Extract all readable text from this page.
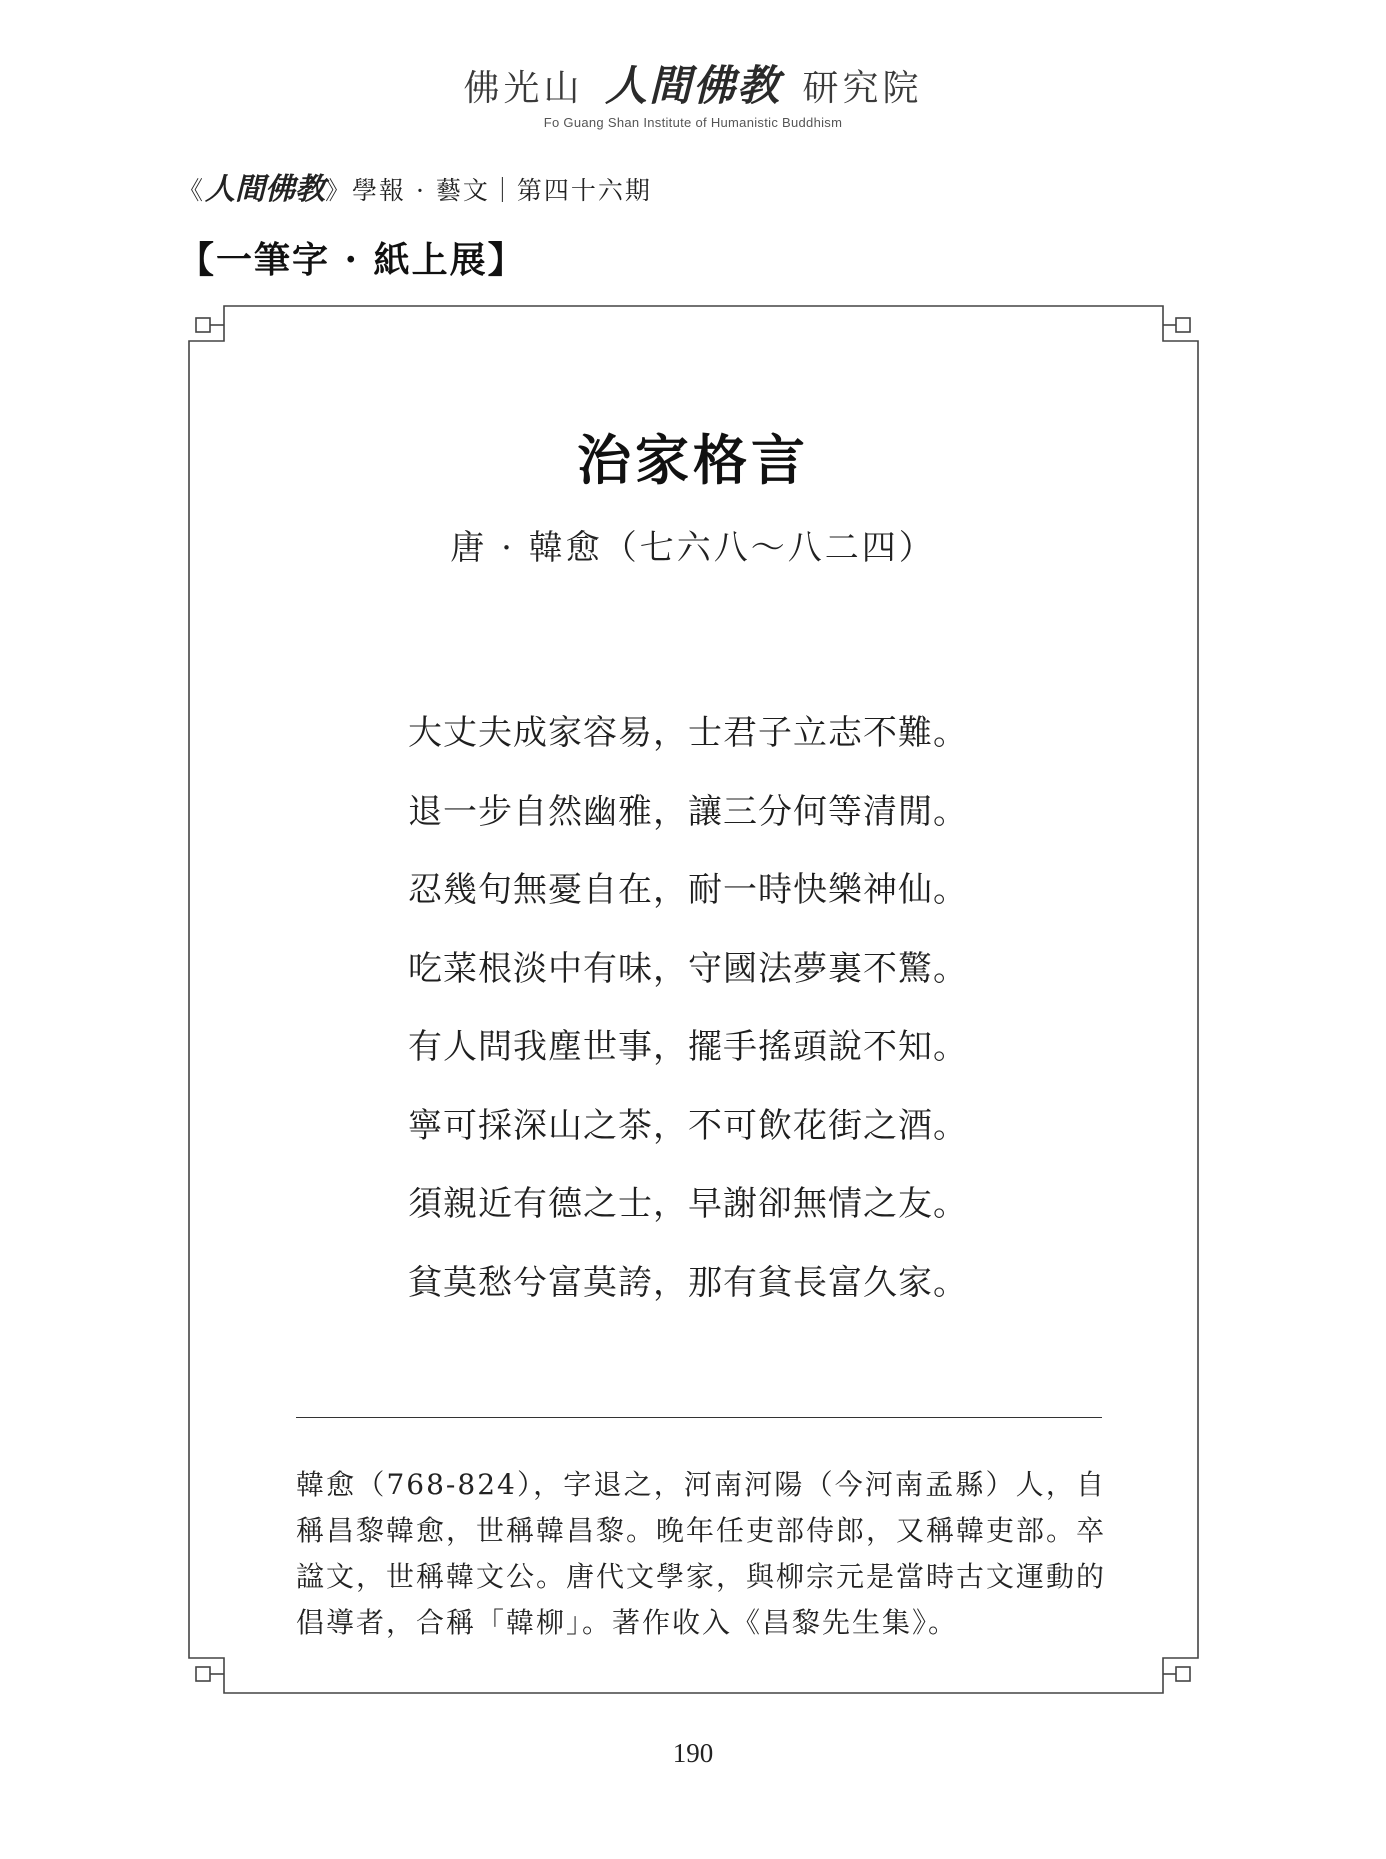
佛光山 人間佛教 研究院
Fo Guang Shan Institute of Humanistic Buddhism
《人間佛教》學報 · 藝文｜第四十六期
【一筆字 · 紙上展】
治家格言
唐 · 韓愈（七六八～八二四）
大丈夫成家容易，士君子立志不難。
退一步自然幽雅，讓三分何等清閒。
忍幾句無憂自在，耐一時快樂神仙。
吃菜根淡中有味，守國法夢裏不驚。
有人問我塵世事，擺手搖頭說不知。
寧可採深山之茶，不可飲花街之酒。
須親近有德之士，早謝卻無情之友。
貧莫愁兮富莫誇，那有貧長富久家。
韓愈（768-824），字退之，河南河陽（今河南孟縣）人，自稱昌黎韓愈，世稱韓昌黎。晚年任吏部侍郎，又稱韓吏部。卒諡文，世稱韓文公。唐代文學家，與柳宗元是當時古文運動的倡導者，合稱「韓柳」。著作收入《昌黎先生集》。
190
